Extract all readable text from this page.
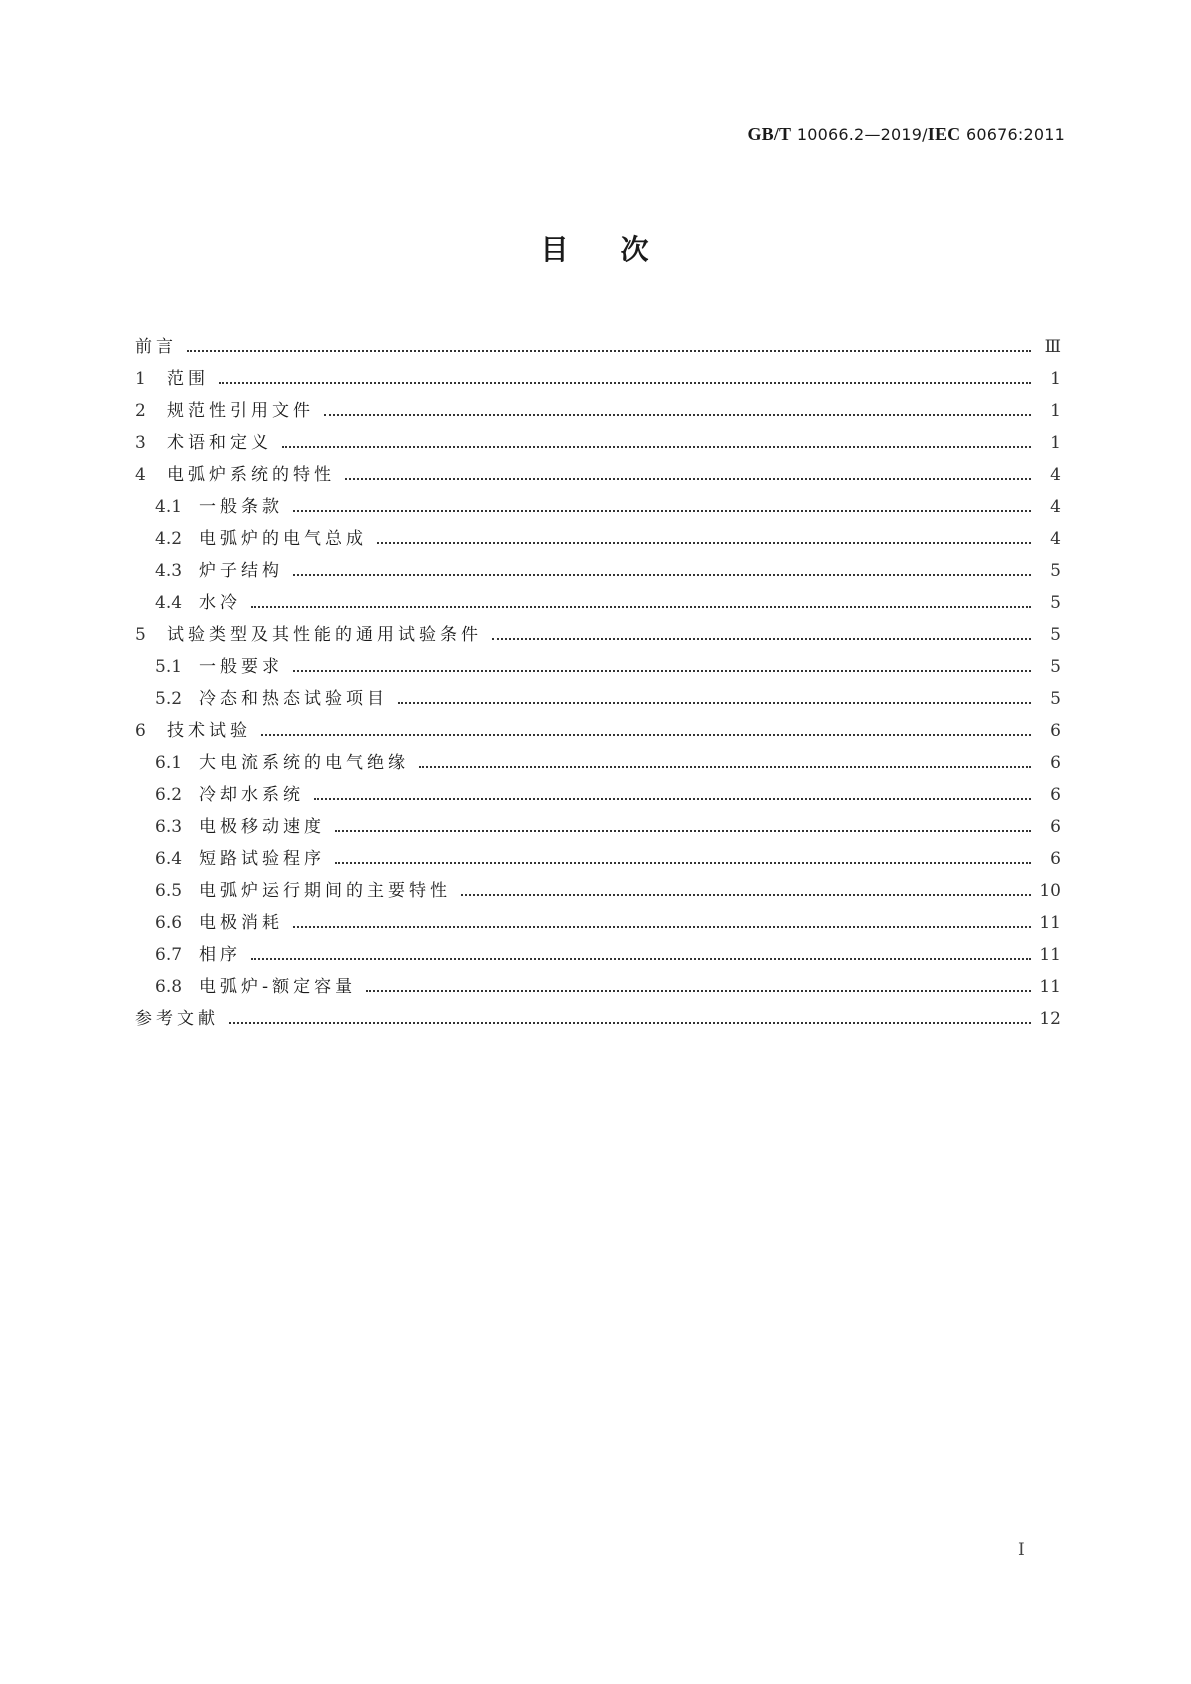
GB/T 10066.2—2019/IEC 60676:2011
目 次
前言	Ⅲ
1	范围	1
2	规范性引用文件	1
3	术语和定义	1
4	电弧炉系统的特性	4
4.1 一般条款	4
4.2 电弧炉的电气总成	4
4.3 炉子结构	5
4.4 水冷	5
5	试验类型及其性能的通用试验条件	5
5.1 一般要求	5
5.2 冷态和热态试验项目	5
6	技术试验	6
6.1 大电流系统的电气绝缘	6
6.2 冷却水系统	6
6.3 电极移动速度	6
6.4 短路试验程序	6
6.5 电弧炉运行期间的主要特性	10
6.6 电极消耗	11
6.7 相序	11
6.8 电弧炉-额定容量	11
参考文献	12
I
